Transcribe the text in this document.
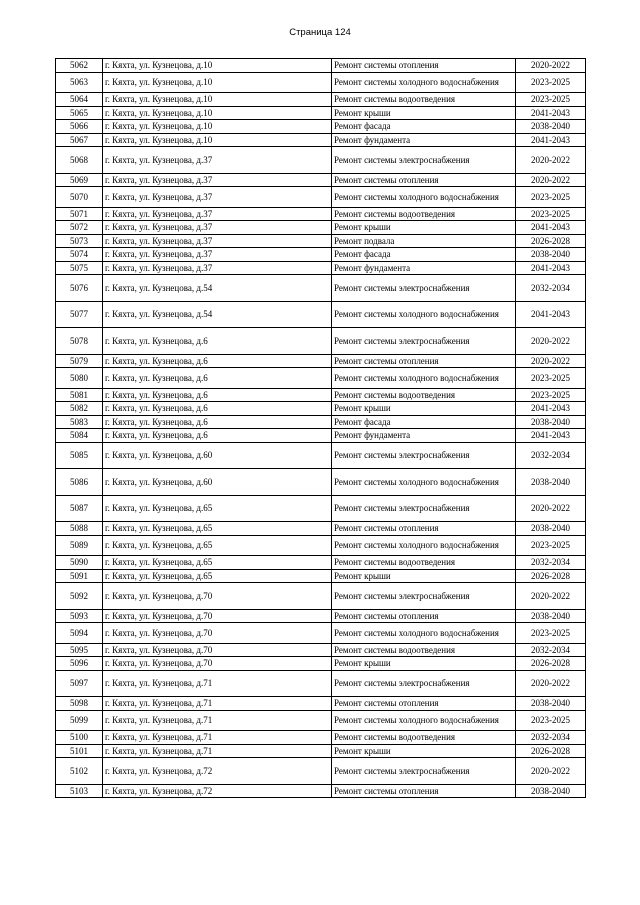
Страница 124
5062	г. Кяхта, ул. Кузнецова, д.10	Ремонт системы отопления	2020-2022
5063	г. Кяхта, ул. Кузнецова, д.10	Ремонт системы холодного водоснабжения	2023-2025
5064	г. Кяхта, ул. Кузнецова, д.10	Ремонт системы водоотведения	2023-2025
5065	г. Кяхта, ул. Кузнецова, д.10	Ремонт крыши	2041-2043
5066	г. Кяхта, ул. Кузнецова, д.10	Ремонт фасада	2038-2040
5067	г. Кяхта, ул. Кузнецова, д.10	Ремонт фундамента	2041-2043
5068	г. Кяхта, ул. Кузнецова, д.37	Ремонт системы электроснабжения	2020-2022
5069	г. Кяхта, ул. Кузнецова, д.37	Ремонт системы отопления	2020-2022
5070	г. Кяхта, ул. Кузнецова, д.37	Ремонт системы холодного водоснабжения	2023-2025
5071	г. Кяхта, ул. Кузнецова, д.37	Ремонт системы водоотведения	2023-2025
5072	г. Кяхта, ул. Кузнецова, д.37	Ремонт крыши	2041-2043
5073	г. Кяхта, ул. Кузнецова, д.37	Ремонт подвала	2026-2028
5074	г. Кяхта, ул. Кузнецова, д.37	Ремонт фасада	2038-2040
5075	г. Кяхта, ул. Кузнецова, д.37	Ремонт фундамента	2041-2043
5076	г. Кяхта, ул. Кузнецова, д.54	Ремонт системы электроснабжения	2032-2034
5077	г. Кяхта, ул. Кузнецова, д.54	Ремонт системы холодного водоснабжения	2041-2043
5078	г. Кяхта, ул. Кузнецова, д.6	Ремонт системы электроснабжения	2020-2022
5079	г. Кяхта, ул. Кузнецова, д.6	Ремонт системы отопления	2020-2022
5080	г. Кяхта, ул. Кузнецова, д.6	Ремонт системы холодного водоснабжения	2023-2025
5081	г. Кяхта, ул. Кузнецова, д.6	Ремонт системы водоотведения	2023-2025
5082	г. Кяхта, ул. Кузнецова, д.6	Ремонт крыши	2041-2043
5083	г. Кяхта, ул. Кузнецова, д.6	Ремонт фасада	2038-2040
5084	г. Кяхта, ул. Кузнецова, д.6	Ремонт фундамента	2041-2043
5085	г. Кяхта, ул. Кузнецова, д.60	Ремонт системы электроснабжения	2032-2034
5086	г. Кяхта, ул. Кузнецова, д.60	Ремонт системы холодного водоснабжения	2038-2040
5087	г. Кяхта, ул. Кузнецова, д.65	Ремонт системы электроснабжения	2020-2022
5088	г. Кяхта, ул. Кузнецова, д.65	Ремонт системы отопления	2038-2040
5089	г. Кяхта, ул. Кузнецова, д.65	Ремонт системы холодного водоснабжения	2023-2025
5090	г. Кяхта, ул. Кузнецова, д.65	Ремонт системы водоотведения	2032-2034
5091	г. Кяхта, ул. Кузнецова, д.65	Ремонт крыши	2026-2028
5092	г. Кяхта, ул. Кузнецова, д.70	Ремонт системы электроснабжения	2020-2022
5093	г. Кяхта, ул. Кузнецова, д.70	Ремонт системы отопления	2038-2040
5094	г. Кяхта, ул. Кузнецова, д.70	Ремонт системы холодного водоснабжения	2023-2025
5095	г. Кяхта, ул. Кузнецова, д.70	Ремонт системы водоотведения	2032-2034
5096	г. Кяхта, ул. Кузнецова, д.70	Ремонт крыши	2026-2028
5097	г. Кяхта, ул. Кузнецова, д.71	Ремонт системы электроснабжения	2020-2022
5098	г. Кяхта, ул. Кузнецова, д.71	Ремонт системы отопления	2038-2040
5099	г. Кяхта, ул. Кузнецова, д.71	Ремонт системы холодного водоснабжения	2023-2025
5100	г. Кяхта, ул. Кузнецова, д.71	Ремонт системы водоотведения	2032-2034
5101	г. Кяхта, ул. Кузнецова, д.71	Ремонт крыши	2026-2028
5102	г. Кяхта, ул. Кузнецова, д.72	Ремонт системы электроснабжения	2020-2022
5103	г. Кяхта, ул. Кузнецова, д.72	Ремонт системы отопления	2038-2040
